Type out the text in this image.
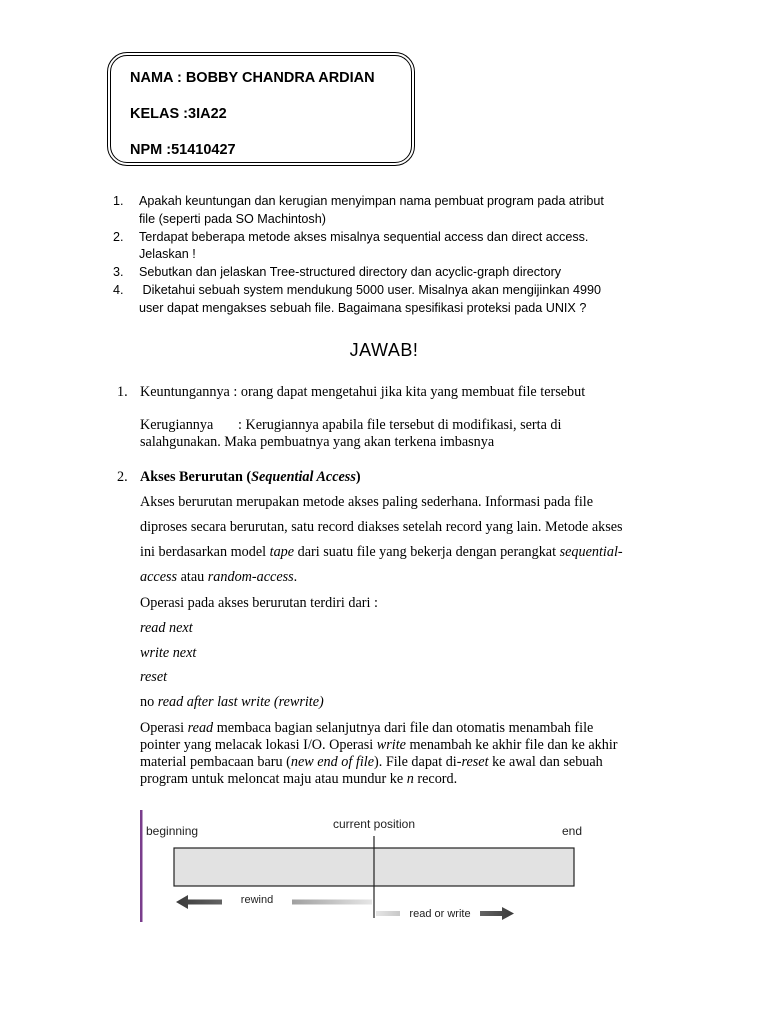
NAMA : BOBBY CHANDRA ARDIAN
KELAS :3IA22
NPM :51410427
1. Apakah keuntungan dan kerugian menyimpan nama pembuat program pada atribut
file (seperti pada SO Machintosh)
2. Terdapat beberapa metode akses misalnya sequential access dan direct access.
Jelaskan !
3. Sebutkan dan jelaskan Tree-structured directory dan acyclic-graph directory
4. Diketahui sebuah system mendukung 5000 user. Misalnya akan mengijinkan 4990
user dapat mengakses sebuah file. Bagaimana spesifikasi proteksi pada UNIX ?
JAWAB!
1. Keuntungannya : orang dapat mengetahui jika kita yang membuat file tersebut
Kerugiannya : Kerugiannya apabila file tersebut di modifikasi, serta di
salahgunakan. Maka pembuatnya yang akan terkena imbasnya
2. Akses Berurutan (Sequential Access)
Akses berurutan merupakan metode akses paling sederhana. Informasi pada file
diproses secara berurutan, satu record diakses setelah record yang lain. Metode akses
ini berdasarkan model tape dari suatu file yang bekerja dengan perangkat sequential-
access atau random-access.
Operasi pada akses berurutan terdiri dari :
read next
write next
reset
no read after last write (rewrite)
Operasi read membaca bagian selanjutnya dari file dan otomatis menambah file
pointer yang melacak lokasi I/O. Operasi write menambah ke akhir file dan ke akhir
material pembacaan baru (new end of file). File dapat di-reset ke awal dan sebuah
program untuk meloncat maju atau mundur ke n record.
beginning	current position	end
rewind
read or write
